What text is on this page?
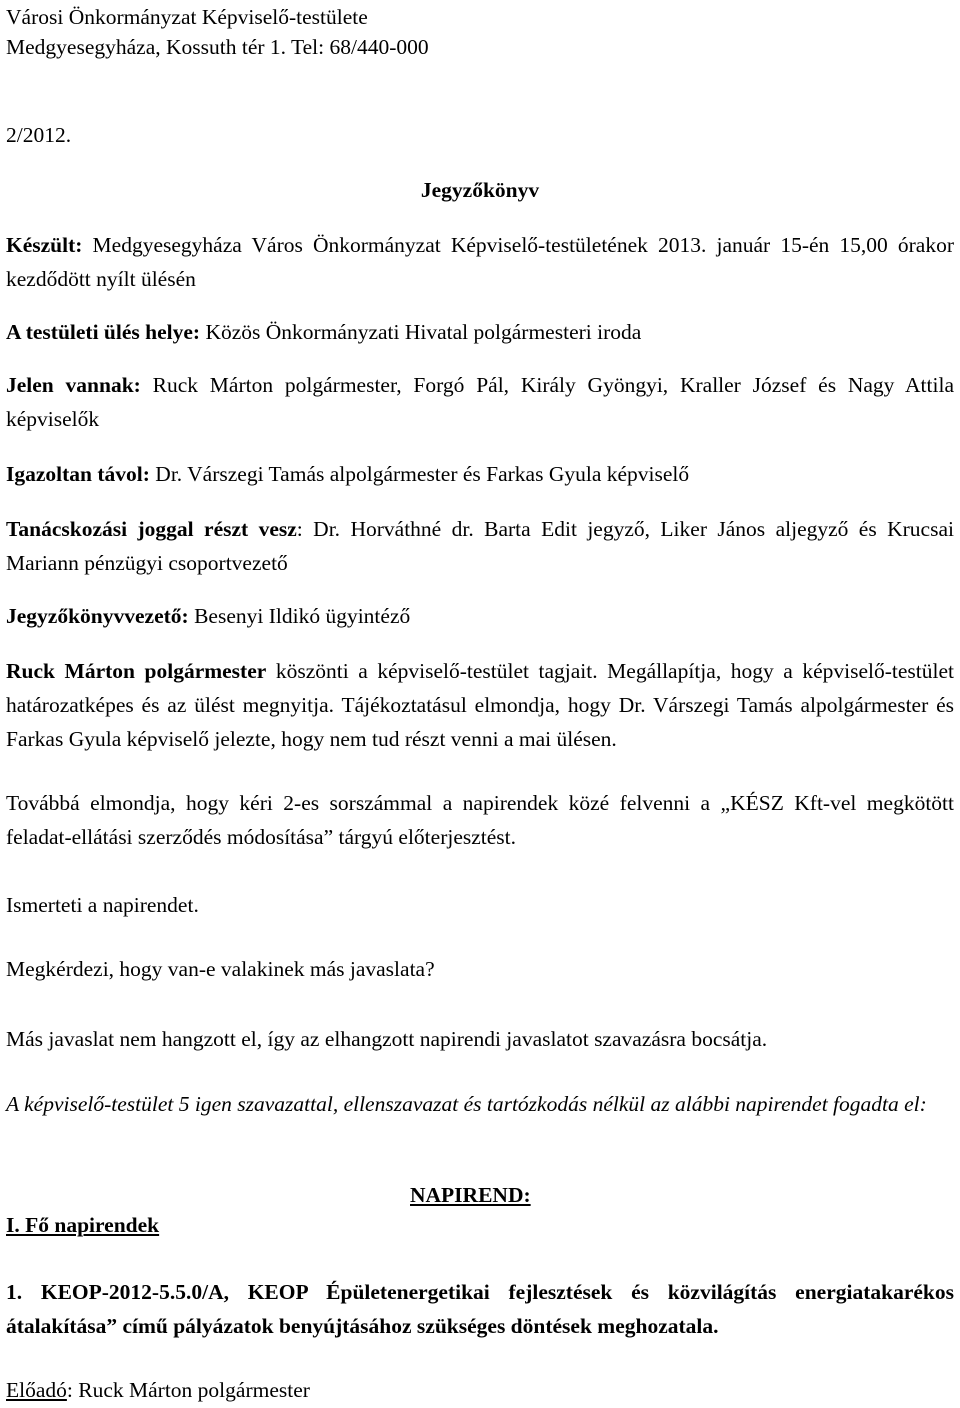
Városi Önkormányzat Képviselő-testülete

Medgyesegyháza, Kossuth tér 1. Tel: 68/440-000

2/2012.

Jegyzőkönyv

Készült: Medgyesegyháza Város Önkormányzat Képviselő-testületének 2013. január 15-én 15,00 órakor kezdődött nyílt ülésén

A testületi ülés helye: Közös Önkormányzati Hivatal polgármesteri iroda

Jelen vannak: Ruck Márton polgármester, Forgó Pál, Király Gyöngyi, Kraller József és Nagy Attila képviselők

Igazoltan távol: Dr. Várszegi Tamás alpolgármester és Farkas Gyula képviselő

Tanácskozási joggal részt vesz: Dr. Horváthné dr. Barta Edit jegyző, Liker János aljegyző és Krucsai Mariann pénzügyi csoportvezető

Jegyzőkönyvvezető: Besenyi Ildikó ügyintéző

Ruck Márton polgármester köszönti a képviselő-testület tagjait. Megállapítja, hogy a képviselő-testület határozatképes és az ülést megnyitja. Tájékoztatásul elmondja, hogy Dr. Várszegi Tamás alpolgármester és Farkas Gyula képviselő jelezte, hogy nem tud részt venni a mai ülésen.

Továbbá elmondja, hogy kéri 2-es sorszámmal a napirendek közé felvenni a „KÉSZ Kft-vel megkötött feladat-ellátási szerződés módosítása” tárgyú előterjesztést.

Ismerteti a napirendet.

Megkérdezi, hogy van-e valakinek más javaslata?

Más javaslat nem hangzott el, így az elhangzott napirendi javaslatot szavazásra bocsátja.

A képviselő-testület 5 igen szavazattal, ellenszavazat és tartózkodás nélkül az alábbi napirendet fogadta el:

NAPIREND:

I. Fő napirendek

1. KEOP-2012-5.5.0/A, KEOP Épületenergetikai fejlesztések és közvilágítás energiatakarékos átalakítása” című pályázatok benyújtásához szükséges döntések meghozatala.

Előadó: Ruck Márton polgármester
